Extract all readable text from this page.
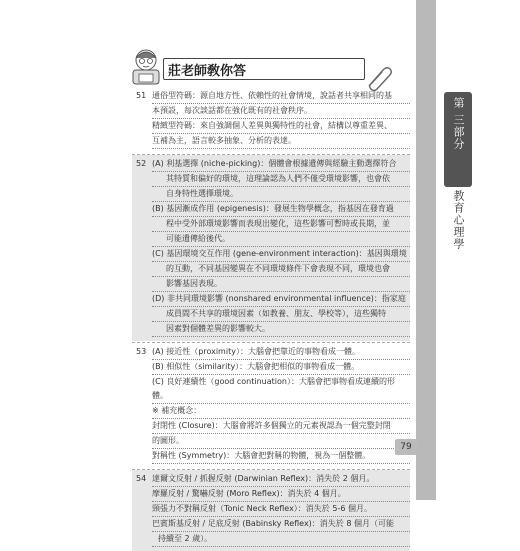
第
三部分
教育心理學
莊老師敎你答
51 通俗型符碼：源自地方性、依賴性的社會情境，說話者共享相同的基
本預設，每次談話都在強化既有的社會秩序。
精緻型符碼：來自強調個人差異與獨特性的社會，結構以尊重差異、
互補為主，語言較多抽象、分析的表達。
52 (A) 利基選擇 (niche-picking)：個體會根據遺傳與經驗主動選擇符合
其特質和偏好的環境，這理論認為人們不僅受環境影響，也會依
自身特性選擇環境。
(B) 基因漸成作用 (epigenesis)：發展生物學概念，指基因在發育過
程中受外部環境影響而表現出變化，這些影響可暫時或長期，並
可能遺傳給後代。
(C) 基因環境交互作用 (gene-environment interaction)：基因與環境
的互動，不同基因變異在不同環境條件下會表現不同，環境也會
影響基因表現。
(D) 非共同環境影響 (nonshared environmental influence)：指家庭
成員間不共享的環境因素（如教養、朋友、學校等），這些獨特
因素對個體差異的影響較大。
53 (A) 接近性（proximity）：大腦會把靠近的事物看成一體。
(B) 相似性（similarity）：大腦會把相似的事物看成一體。
(C) 良好連續性（good continuation）：大腦會把事物看成連續的形體。
※ 補充概念：
封閉性 (Closure)：大腦會將許多個獨立的元素視認為一個完整封閉
的圖形。
對稱性 (Symmetry)：大腦會把對稱的物體，視為一個整體。
54 達爾文反射 / 抓握反射 (Darwinian Reflex)：消失於 2 個月。
摩羅反射 / 驚嚇反射 (Moro Reflex)：消失於 4 個月。
頸張力不對稱反射（Tonic Neck Reflex）：消失於 5-6 個月。
巴賓斯基反射 / 足底反射 (Babinsky Reflex)：消失於 8 個月（可能
持續至 2 歲）。
79
